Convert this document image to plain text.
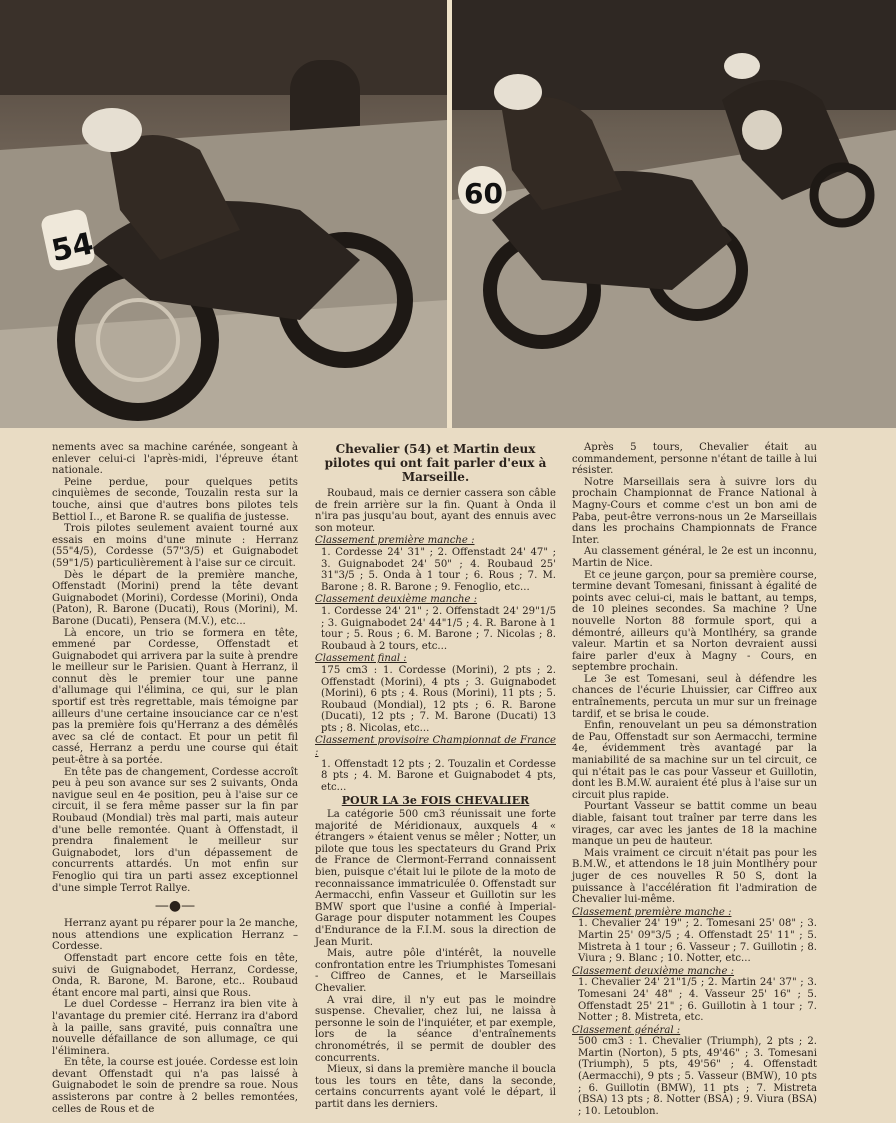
54
60

nements avec sa machine carénée, songeant à enlever celui-ci l'après-midi, l'épreuve étant nationale.

Peine perdue, pour quelques petits cinquièmes de seconde, Touzalin resta sur la touche, ainsi que d'autres bons pilotes tels Bettiol I.., et Barone R. se qualifia de justesse.

Trois pilotes seulement avaient tourné aux essais en moins d'une minute : Herranz (55"4/5), Cordesse (57"3/5) et Guignabodet (59"1/5) particulièrement à l'aise sur ce circuit.

Dès le départ de la première manche, Offenstadt (Morini) prend la tête devant Guignabodet (Morini), Cordesse (Morini), Onda (Paton), R. Barone (Ducati), Rous (Morini), M. Barone (Ducati), Pensera (M.V.), etc...

Là encore, un trio se formera en tête, emmené par Cordesse, Offenstadt et Guignabodet qui arrivera par la suite à prendre le meilleur sur le Parisien. Quant à Herranz, il connut dès le premier tour une panne d'allumage qui l'élimina, ce qui, sur le plan sportif est très regrettable, mais témoigne par ailleurs d'une certaine insouciance car ce n'est pas la première fois qu'Herranz a des démêlés avec sa clé de contact. Et pour un petit fil cassé, Herranz a perdu une course qui était peut-être à sa portée.

En tête pas de changement, Cordesse accroît peu à peu son avance sur ses 2 suivants, Onda navigue seul en 4e position, peu à l'aise sur ce circuit, il se fera même passer sur la fin par Roubaud (Mondial) très mal parti, mais auteur d'une belle remontée. Quant à Offenstadt, il prendra finalement le meilleur sur Guignabodet, lors d'un dépassement de concurrents attardés. Un mot enfin sur Fenoglio qui tira un parti assez exceptionnel d'une simple Terrot Rallye.

—●—

Herranz ayant pu réparer pour la 2e manche, nous attendions une explication Herranz – Cordesse.

Offenstadt part encore cette fois en tête, suivi de Guignabodet, Herranz, Cordesse, Onda, R. Barone, M. Barone, etc.. Roubaud étant encore mal parti, ainsi que Rous.

Le duel Cordesse – Herranz ira bien vite à l'avantage du premier cité. Herranz ira d'abord à la paille, sans gravité, puis connaîtra une nouvelle défaillance de son allumage, ce qui l'éliminera.

En tête, la course est jouée. Cordesse est loin devant Offenstadt qui n'a pas laissé à Guignabodet le soin de prendre sa roue. Nous assisterons par contre à 2 belles remontées, celles de Rous et de

Chevalier (54) et Martin deux pilotes qui ont fait parler d'eux à Marseille.

Roubaud, mais ce dernier cassera son câble de frein arrière sur la fin. Quant à Onda il n'ira pas jusqu'au bout, ayant des ennuis avec son moteur.

Classement première manche :

1. Cordesse 24' 31" ; 2. Offenstadt 24' 47" ; 3. Guignabodet 24' 50" ; 4. Roubaud 25' 31"3/5 ; 5. Onda à 1 tour ; 6. Rous ; 7. M. Barone ; 8. R. Barone ; 9. Fenoglio, etc...

Classement deuxième manche :

1. Cordesse 24' 21" ; 2. Offenstadt 24' 29"1/5 ; 3. Guignabodet 24' 44"1/5 ; 4. R. Barone à 1 tour ; 5. Rous ; 6. M. Barone ; 7. Nicolas ; 8. Roubaud à 2 tours, etc...

Classement final :

175 cm3 : 1. Cordesse (Morini), 2 pts ; 2. Offenstadt (Morini), 4 pts ; 3. Guignabodet (Morini), 6 pts ; 4. Rous (Morini), 11 pts ; 5. Roubaud (Mondial), 12 pts ; 6. R. Barone (Ducati), 12 pts ; 7. M. Barone (Ducati) 13 pts ; 8. Nicolas, etc...

Classement provisoire Championnat de France :

1. Offenstadt 12 pts ; 2. Touzalin et Cordesse 8 pts ; 4. M. Barone et Guignabodet 4 pts, etc...

POUR LA 3e FOIS CHEVALIER

La catégorie 500 cm3 réunissait une forte majorité de Méridionaux, auxquels 4 « étrangers » étaient venus se mêler ; Notter, un pilote que tous les spectateurs du Grand Prix de France de Clermont-Ferrand connaissent bien, puisque c'était lui le pilote de la moto de reconnaissance immatriculée 0. Offenstadt sur Aermacchi, enfin Vasseur et Guillotin sur les BMW sport que l'usine a confié à Imperial-Garage pour disputer notamment les Coupes d'Endurance de la F.I.M. sous la direction de Jean Murit.

Mais, autre pôle d'intérêt, la nouvelle confrontation entre les Triumphistes Tomesani - Ciffreo de Cannes, et le Marseillais Chevalier.

A vrai dire, il n'y eut pas le moindre suspense. Chevalier, chez lui, ne laissa à personne le soin de l'inquiéter, et par exemple, lors de la séance d'entraînements chronométrés, il se permit de doubler des concurrents.

Mieux, si dans la première manche il boucla tous les tours en tête, dans la seconde, certains concurrents ayant volé le départ, il partit dans les derniers.

Après 5 tours, Chevalier était au commandement, personne n'étant de taille à lui résister.

Notre Marseillais sera à suivre lors du prochain Championnat de France National à Magny-Cours et comme c'est un bon ami de Paba, peut-être verrons-nous un 2e Marseillais dans les prochains Championnats de France Inter.

Au classement général, le 2e est un inconnu, Martin de Nice.

Et ce jeune garçon, pour sa première course, termine devant Tomesani, finissant à égalité de points avec celui-ci, mais le battant, au temps, de 10 pleines secondes. Sa machine ? Une nouvelle Norton 88 formule sport, qui a démontré, ailleurs qu'à Montlhéry, sa grande valeur. Martin et sa Norton devraient aussi faire parler d'eux à Magny - Cours, en septembre prochain.

Le 3e est Tomesani, seul à défendre les chances de l'écurie Lhuissier, car Ciffreo aux entraînements, percuta un mur sur un freinage tardif, et se brisa le coude.

Enfin, renouvelant un peu sa démonstration de Pau, Offenstadt sur son Aermacchi, termine 4e, évidemment très avantagé par la maniabilité de sa machine sur un tel circuit, ce qui n'était pas le cas pour Vasseur et Guillotin, dont les B.M.W. auraient été plus à l'aise sur un circuit plus rapide.

Pourtant Vasseur se battit comme un beau diable, faisant tout traîner par terre dans les virages, car avec les jantes de 18 la machine manque un peu de hauteur.

Mais vraiment ce circuit n'était pas pour les B.M.W., et attendons le 18 juin Montlhéry pour juger de ces nouvelles R 50 S, dont la puissance à l'accélération fit l'admiration de Chevalier lui-même.

Classement première manche :

1. Chevalier 24' 19" ; 2. Tomesani 25' 08" ; 3. Martin 25' 09"3/5 ; 4. Offenstadt 25' 11" ; 5. Mistreta à 1 tour ; 6. Vasseur ; 7. Guillotin ; 8. Viura ; 9. Blanc ; 10. Notter, etc...

Classement deuxième manche :

1. Chevalier 24' 21"1/5 ; 2. Martin 24' 37" ; 3. Tomesani 24' 48" ; 4. Vasseur 25' 16" ; 5. Offenstadt 25' 21" ; 6. Guillotin à 1 tour ; 7. Notter ; 8. Mistreta, etc.

Classement général :

500 cm3 : 1. Chevalier (Triumph), 2 pts ; 2. Martin (Norton), 5 pts, 49'46" ; 3. Tomesani (Triumph), 5 pts, 49'56" ; 4. Offenstadt (Aermacchi), 9 pts ; 5. Vasseur (BMW), 10 pts ; 6. Guillotin (BMW), 11 pts ; 7. Mistreta (BSA) 13 pts ; 8. Notter (BSA) ; 9. Viura (BSA) ; 10. Letoublon.
